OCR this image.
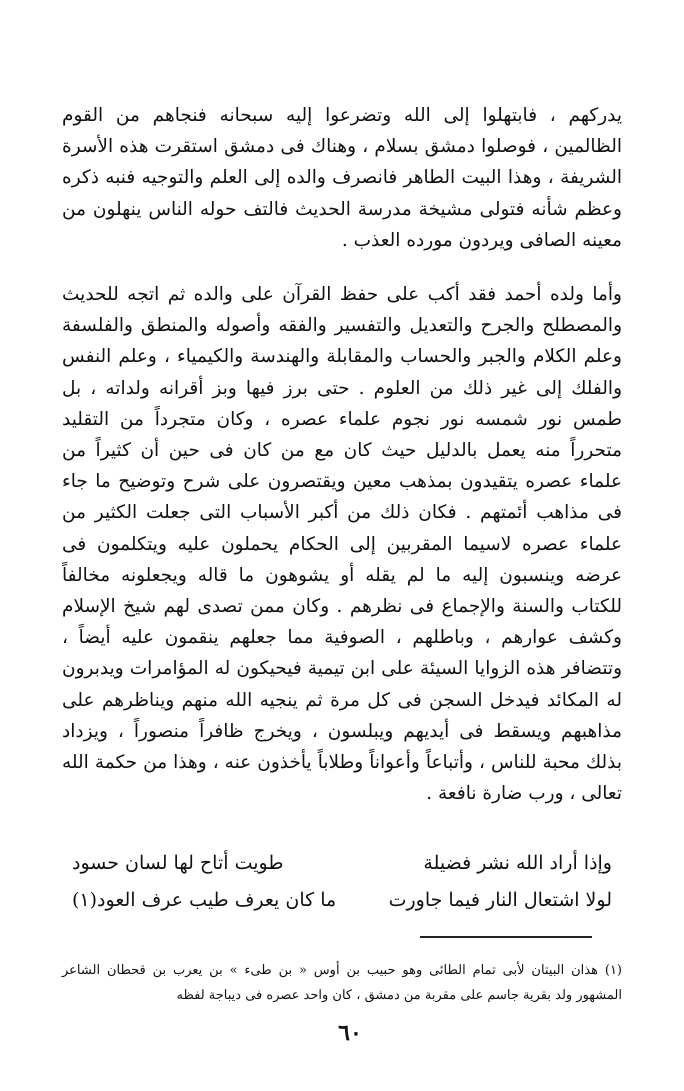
يدركهم ، فابتهلوا إلى الله وتضرعوا إليه سبحانه فنجاهم من القوم الظالمين ، فوصلوا دمشق بسلام ، وهناك فى دمشق استقرت هذه الأسرة الشريفة ، وهذا البيت الطاهر فانصرف والده إلى العلم والتوجيه فنبه ذكره وعظم شأنه فتولى مشيخة مدرسة الحديث فالتف حوله الناس ينهلون من معينه الصافى ويردون مورده العذب .

وأما ولده أحمد فقد أكب على حفظ القرآن على والده ثم اتجه للحديث والمصطلح والجرح والتعديل والتفسير والفقه وأصوله والمنطق والفلسفة وعلم الكلام والجبر والحساب والمقابلة والهندسة والكيمياء ، وعلم النفس والفلك إلى غير ذلك من العلوم . حتى برز فيها وبز أقرانه ولداته ، بل طمس نور شمسه نور نجوم علماء عصره ، وكان متجرداً من التقليد متحرراً منه يعمل بالدليل حيث كان مع من كان فى حين أن كثيراً من علماء عصره يتقيدون بمذهب معين ويقتصرون على شرح وتوضيح ما جاء فى مذاهب أئمتهم . فكان ذلك من أكبر الأسباب التى جعلت الكثير من علماء عصره لاسيما المقربين إلى الحكام يحملون عليه ويتكلمون فى عرضه وينسبون إليه ما لم يقله أو يشوهون ما قاله ويجعلونه مخالفاً للكتاب والسنة والإجماع فى نظرهم . وكان ممن تصدى لهم شيخ الإسلام وكشف عوارهم ، وباطلهم ، الصوفية مما جعلهم ينقمون عليه أيضاً ، وتتضافر هذه الزوايا السيئة على ابن تيمية فيحيكون له المؤامرات ويدبرون له المكائد فيدخل السجن فى كل مرة ثم ينجيه الله منهم ويناظرهم على مذاهبهم ويسقط فى أيديهم ويبلسون ، ويخرج ظافراً منصوراً ، ويزداد بذلك محبة للناس ، وأتباعاً وأعواناً وطلاباً يأخذون عنه ، وهذا من حكمة الله تعالى ، ورب ضارة نافعة .

وإذا أراد الله نشر فضيلة
طويت أتاح لها لسان حسود
لولا اشتعال النار فيما جاورت
ما كان يعرف طيب عرف العود(١)

(١) هذان البيتان لأبى تمام الطائى وهو حبيب بن أوس « بن طىء » بن يعرب بن قحطان الشاعر المشهور ولد بقرية جاسم على مقربة من دمشق ، كان واحد عصره فى ديباجة لفظه

٦٠
